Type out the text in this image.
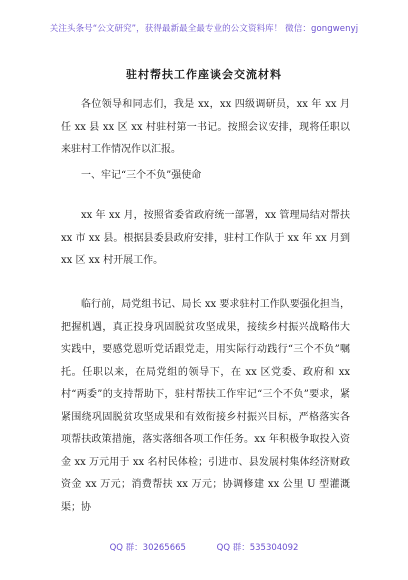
关注头条号“公文研究”，获得最新最全最专业的公文资料库！ 微信：gongwenyj
驻村帮扶工作座谈会交流材料

各位领导和同志们，我是 xx，xx 四级调研员，xx 年 xx 月任 xx 县 xx 区 xx 村驻村第一书记。按照会议安排，现将任职以来驻村工作情况作以汇报。

一、牢记“三个不负”强使命

xx 年 xx 月，按照省委省政府统一部署，xx 管理局结对帮扶 xx 市 xx 县。根据县委县政府安排，驻村工作队于 xx 年 xx 月到 xx 区 xx 村开展工作。

临行前，局党组书记、局长 xx 要求驻村工作队要强化担当，把握机遇，真正投身巩固脱贫攻坚成果，接续乡村振兴战略伟大实践中，要感党恩听党话跟党走，用实际行动践行“三个不负”嘱托。任职以来，在局党组的领导下，在 xx 区党委、政府和 xx 村“两委”的支持帮助下，驻村帮扶工作牢记“三个不负”要求，紧紧围绕巩固脱贫攻坚成果和有效衔接乡村振兴目标，严格落实各项帮扶政策措施，落实落细各项工作任务。xx 年积极争取投入资金 xx 万元用于 xx 名村民体检；引进市、县发展村集体经济财政资金 xx 万元；消费帮扶 xx 万元；协调修建 xx 公里 U 型灌溉渠；协

QQ 群：30265665	QQ 群：535304092
